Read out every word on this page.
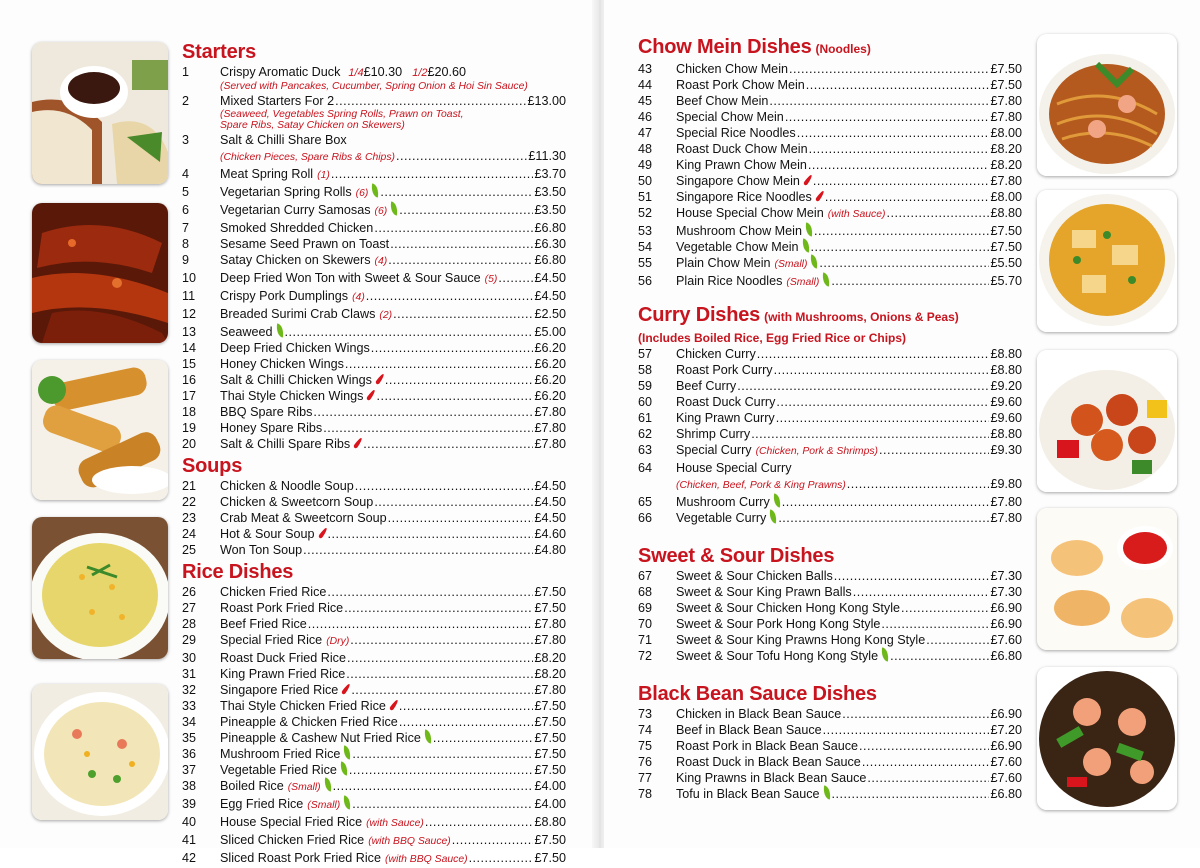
Starters
1	Crispy Aromatic Duck 1/4 £10.30 1/2 £20.60
(Served with Pancakes, Cucumber, Spring Onion & Hoi Sin Sauce)
2	Mixed Starters For 2 .....	£13.00
(Seaweed, Vegetables Spring Rolls, Prawn on Toast,
Spare Ribs, Satay Chicken on Skewers)
3	Salt & Chilli Share Box
(Chicken Pieces, Spare Ribs & Chips) .....	£11.30
4	Meat Spring Roll (1) .....	£3.70
5	Vegetarian Spring Rolls (6) .....	£3.50
6	Vegetarian Curry Samosas (6) .....	£3.50
7	Smoked Shredded Chicken .....	£6.80
8	Sesame Seed Prawn on Toast .....	£6.30
9	Satay Chicken on Skewers (4) .....	£6.80
10	Deep Fried Won Ton with Sweet & Sour Sauce (5) .....	£4.50
11	Crispy Pork Dumplings (4) .....	£4.50
12	Breaded Surimi Crab Claws (2) .....	£2.50
13	Seaweed .....	£5.00
14	Deep Fried Chicken Wings .....	£6.20
15	Honey Chicken Wings .....	£6.20
16	Salt & Chilli Chicken Wings .....	£6.20
17	Thai Style Chicken Wings .....	£6.20
18	BBQ Spare Ribs .....	£7.80
19	Honey Spare Ribs .....	£7.80
20	Salt & Chilli Spare Ribs .....	£7.80
Soups
21	Chicken & Noodle Soup .....	£4.50
22	Chicken & Sweetcorn Soup .....	£4.50
23	Crab Meat & Sweetcorn Soup .....	£4.50
24	Hot & Sour Soup .....	£4.60
25	Won Ton Soup .....	£4.80
Rice Dishes
26	Chicken Fried Rice .....	£7.50
27	Roast Pork Fried Rice .....	£7.50
28	Beef Fried Rice .....	£7.80
29	Special Fried Rice (Dry) .....	£7.80
30	Roast Duck Fried Rice .....	£8.20
31	King Prawn Fried Rice .....	£8.20
32	Singapore Fried Rice .....	£7.80
33	Thai Style Chicken Fried Rice .....	£7.50
34	Pineapple & Chicken Fried Rice .....	£7.50
35	Pineapple & Cashew Nut Fried Rice .....	£7.50
36	Mushroom Fried Rice .....	£7.50
37	Vegetable Fried Rice .....	£7.50
38	Boiled Rice (Small) .....	£4.00
39	Egg Fried Rice (Small) .....	£4.00
40	House Special Fried Rice (with Sauce) .....	£8.80
41	Sliced Chicken Fried Rice (with BBQ Sauce) .....	£7.50
42	Sliced Roast Pork Fried Rice (with BBQ Sauce) .....	£7.50
Chow Mein Dishes (Noodles)
43	Chicken Chow Mein .....	£7.50
44	Roast Pork Chow Mein .....	£7.50
45	Beef Chow Mein .....	£7.80
46	Special Chow Mein .....	£7.80
47	Special Rice Noodles .....	£8.00
48	Roast Duck Chow Mein .....	£8.20
49	King Prawn Chow Mein .....	£8.20
50	Singapore Chow Mein .....	£7.80
51	Singapore Rice Noodles .....	£8.00
52	House Special Chow Mein (with Sauce) .....	£8.80
53	Mushroom Chow Mein .....	£7.50
54	Vegetable Chow Mein .....	£7.50
55	Plain Chow Mein (Small) .....	£5.50
56	Plain Rice Noodles (Small) .....	£5.70
Curry Dishes (with Mushrooms, Onions & Peas)
(Includes Boiled Rice, Egg Fried Rice or Chips)
57	Chicken Curry .....	£8.80
58	Roast Pork Curry .....	£8.80
59	Beef Curry .....	£9.20
60	Roast Duck Curry .....	£9.60
61	King Prawn Curry .....	£9.60
62	Shrimp Curry .....	£8.80
63	Special Curry (Chicken, Pork & Shrimps) .....	£9.30
64	House Special Curry
(Chicken, Beef, Pork & King Prawns) .....	£9.80
65	Mushroom Curry .....	£7.80
66	Vegetable Curry .....	£7.80
Sweet & Sour Dishes
67	Sweet & Sour Chicken Balls .....	£7.30
68	Sweet & Sour King Prawn Balls .....	£7.30
69	Sweet & Sour Chicken Hong Kong Style .....	£6.90
70	Sweet & Sour Pork Hong Kong Style .....	£6.90
71	Sweet & Sour King Prawns Hong Kong Style .....	£7.60
72	Sweet & Sour Tofu Hong Kong Style .....	£6.80
Black Bean Sauce Dishes
73	Chicken in Black Bean Sauce .....	£6.90
74	Beef in Black Bean Sauce .....	£7.20
75	Roast Pork in Black Bean Sauce .....	£6.90
76	Roast Duck in Black Bean Sauce .....	£7.60
77	King Prawns in Black Bean Sauce .....	£7.60
78	Tofu in Black Bean Sauce .....	£6.80
